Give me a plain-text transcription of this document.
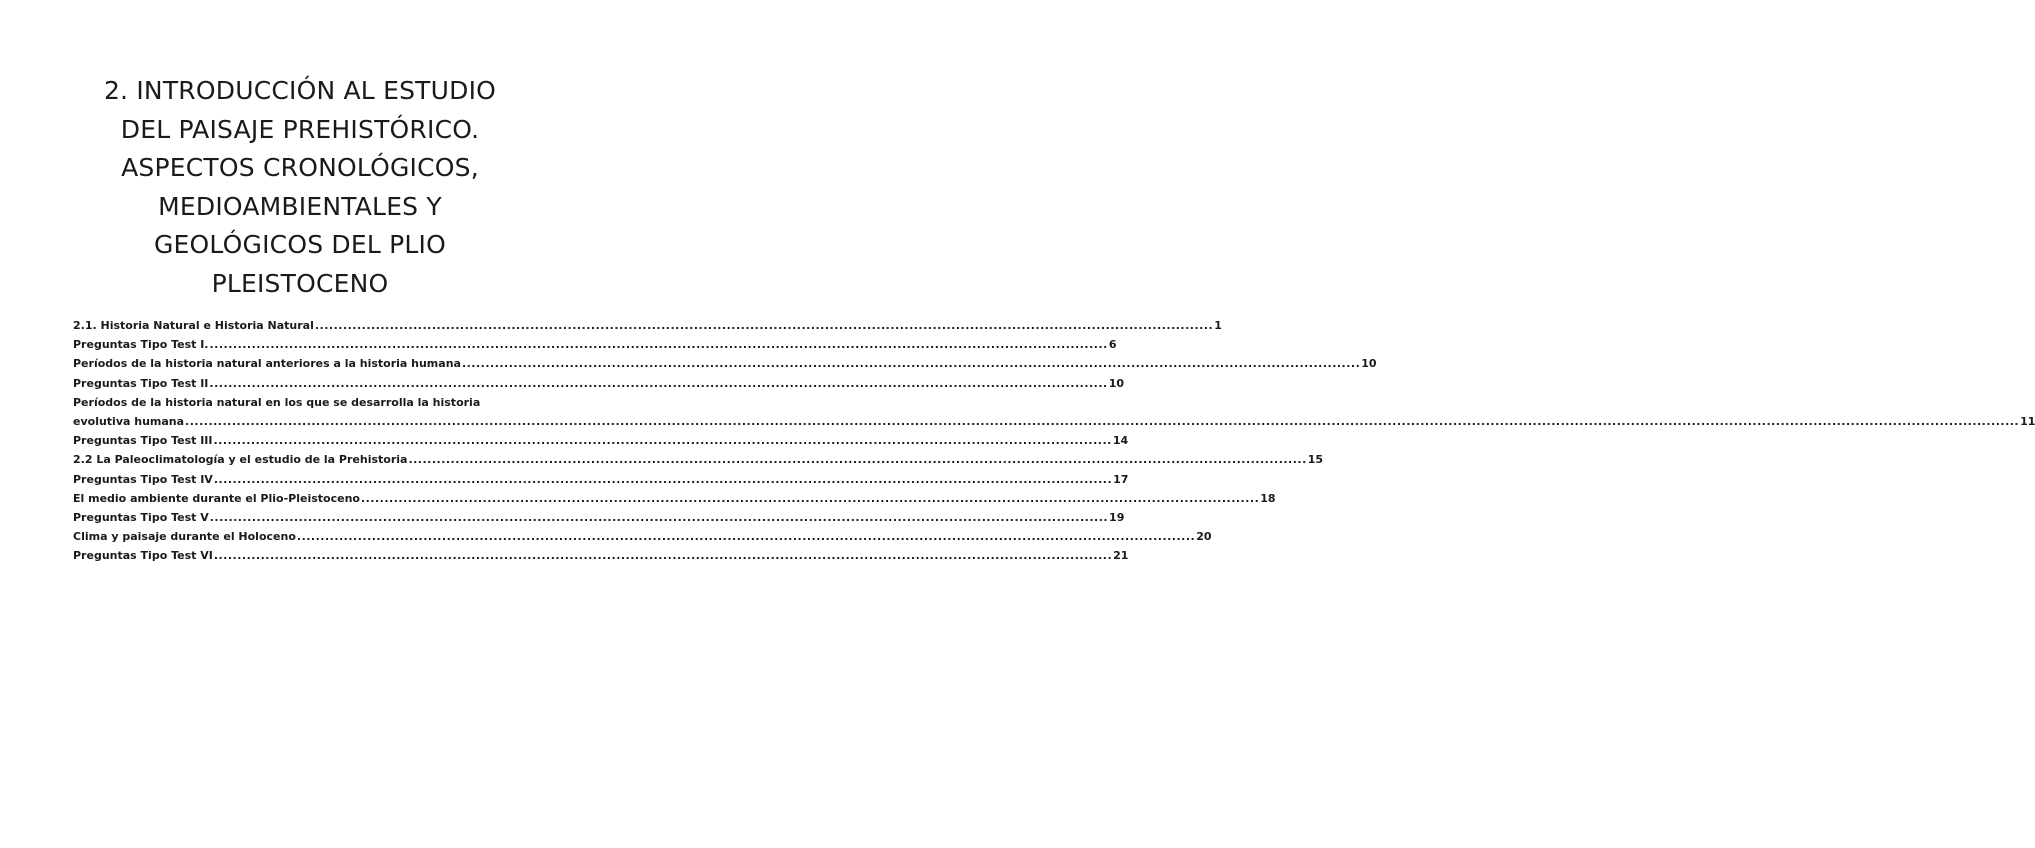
2. INTRODUCCIÓN AL ESTUDIO
DEL PAISAJE PREHISTÓRICO.
ASPECTOS CRONOLÓGICOS,
MEDIOAMBIENTALES Y
GEOLÓGICOS DEL PLIO
PLEISTOCENO
2.1. Historia Natural e Historia Natural .....	1
Preguntas Tipo Test I. .....	6
Períodos de la historia natural anteriores a la historia humana .....	10
Preguntas Tipo Test II .....	10
Períodos de la historia natural en los que se desarrolla la historia
evolutiva humana	..... ........................................................................................................................................................................................................ 11
Preguntas Tipo Test III .....	14
2.2 La Paleoclimatología y el estudio de la Prehistoria .....	15
Preguntas Tipo Test IV .....	17
El medio ambiente durante el Plio-Pleistoceno .....	18
Preguntas Tipo Test V .....	19
Clima y paisaje durante el Holoceno .....	20
Preguntas Tipo Test VI .....	21
